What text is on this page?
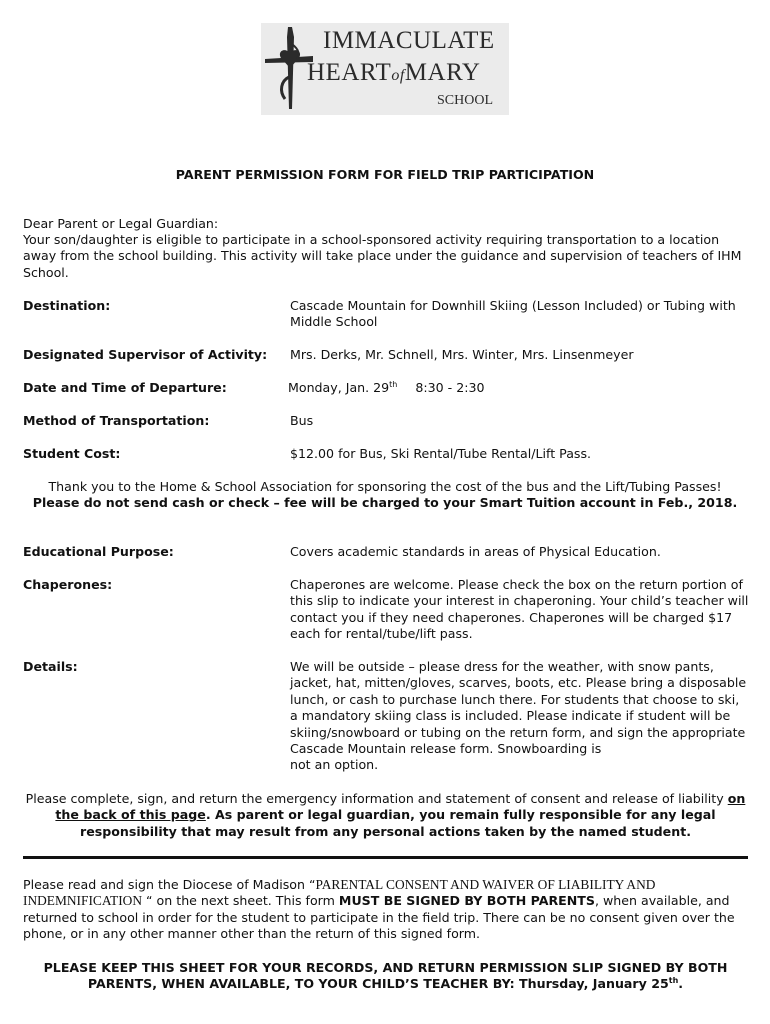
IMMACULATE
HEARTofMARY
SCHOOL
PARENT PERMISSION FORM FOR FIELD TRIP PARTICIPATION
Dear Parent or Legal Guardian:
Your son/daughter is eligible to participate in a school-sponsored activity requiring transportation to a location away from the school building. This activity will take place under the guidance and supervision of teachers of IHM School.
Destination:	Cascade Mountain for Downhill Skiing (Lesson Included) or Tubing with Middle School
Designated Supervisor of Activity: Mrs. Derks, Mr. Schnell, Mrs. Winter, Mrs. Linsenmeyer
Date and Time of Departure:	Monday, Jan. 29th 8:30 - 2:30
Method of Transportation:	Bus
Student Cost:	$12.00 for Bus, Ski Rental/Tube Rental/Lift Pass.
Thank you to the Home & School Association for sponsoring the cost of the bus and the Lift/Tubing Passes!
Please do not send cash or check – fee will be charged to your Smart Tuition account in Feb., 2018.
Educational Purpose:	Covers academic standards in areas of Physical Education.
Chaperones:	Chaperones are welcome. Please check the box on the return portion of this slip to indicate your interest in chaperoning. Your child’s teacher will contact you if they need chaperones. Chaperones will be charged $17 each for rental/tube/lift pass.
Details:	We will be outside – please dress for the weather, with snow pants, jacket, hat, mitten/gloves, scarves, boots, etc. Please bring a disposable lunch, or cash to purchase lunch there. For students that choose to ski, a mandatory skiing class is included. Please indicate if student will be skiing/snowboard or tubing on the return form, and sign the appropriate Cascade Mountain release form. Snowboarding is
not an option.
Please complete, sign, and return the emergency information and statement of consent and release of liability on the back of this page. As parent or legal guardian, you remain fully responsible for any legal responsibility that may result from any personal actions taken by the named student.
Please read and sign the Diocese of Madison “PARENTAL CONSENT AND WAIVER OF LIABILITY AND INDEMNIFICATION “ on the next sheet. This form MUST BE SIGNED BY BOTH PARENTS, when available, and returned to school in order for the student to participate in the field trip. There can be no consent given over the phone, or in any other manner other than the return of this signed form.
PLEASE KEEP THIS SHEET FOR YOUR RECORDS, AND RETURN PERMISSION SLIP SIGNED BY BOTH PARENTS, WHEN AVAILABLE, TO YOUR CHILD’S TEACHER BY: Thursday, January 25th.
